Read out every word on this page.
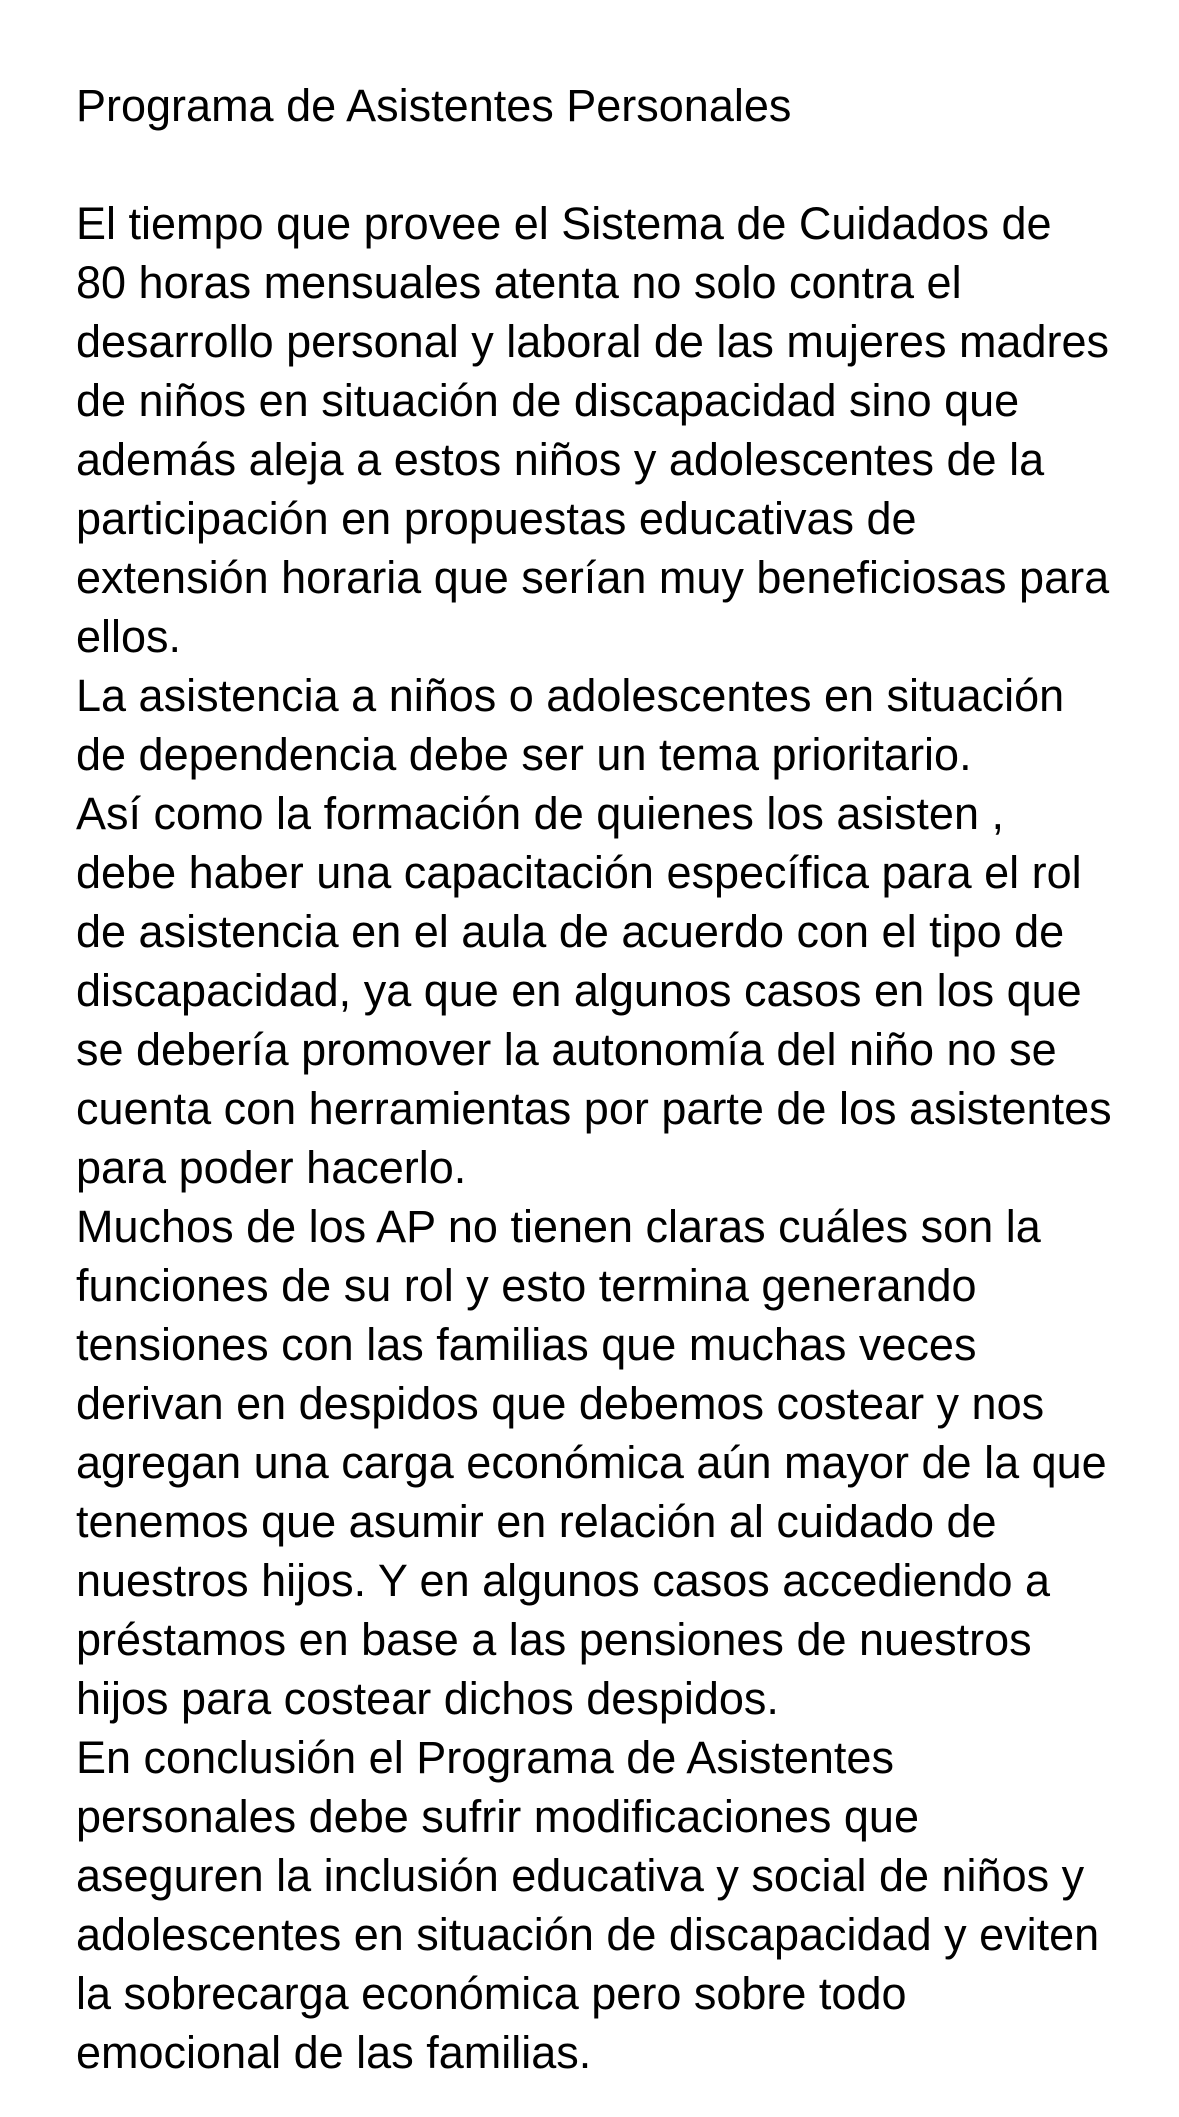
Programa de Asistentes Personales
El tiempo que provee el Sistema de Cuidados de
80 horas mensuales atenta no solo contra el
desarrollo personal y laboral de las mujeres madres
de niños en situación de discapacidad sino que
además aleja a estos niños y adolescentes de la
participación en propuestas educativas de
extensión horaria que serían muy beneficiosas para
ellos.
La asistencia a niños o adolescentes en situación
de dependencia debe ser un tema prioritario.
Así como la formación de quienes los asisten ,
debe haber una capacitación específica para el rol
de asistencia en el aula de acuerdo con el tipo de
discapacidad, ya que en algunos casos en los que
se debería promover la autonomía del niño no se
cuenta con herramientas por parte de los asistentes
para poder hacerlo.
Muchos de los AP no tienen claras cuáles son la
funciones de su rol y esto termina generando
tensiones con las familias que muchas veces
derivan en despidos que debemos costear y nos
agregan una carga económica aún mayor de la que
tenemos que asumir en relación al cuidado de
nuestros hijos. Y en algunos casos accediendo a
préstamos en base a las pensiones de nuestros
hijos para costear dichos despidos.
En conclusión el Programa de Asistentes
personales debe sufrir modificaciones que
aseguren la inclusión educativa y social de niños y
adolescentes en situación de discapacidad y eviten
la sobrecarga económica pero sobre todo
emocional de las familias.
